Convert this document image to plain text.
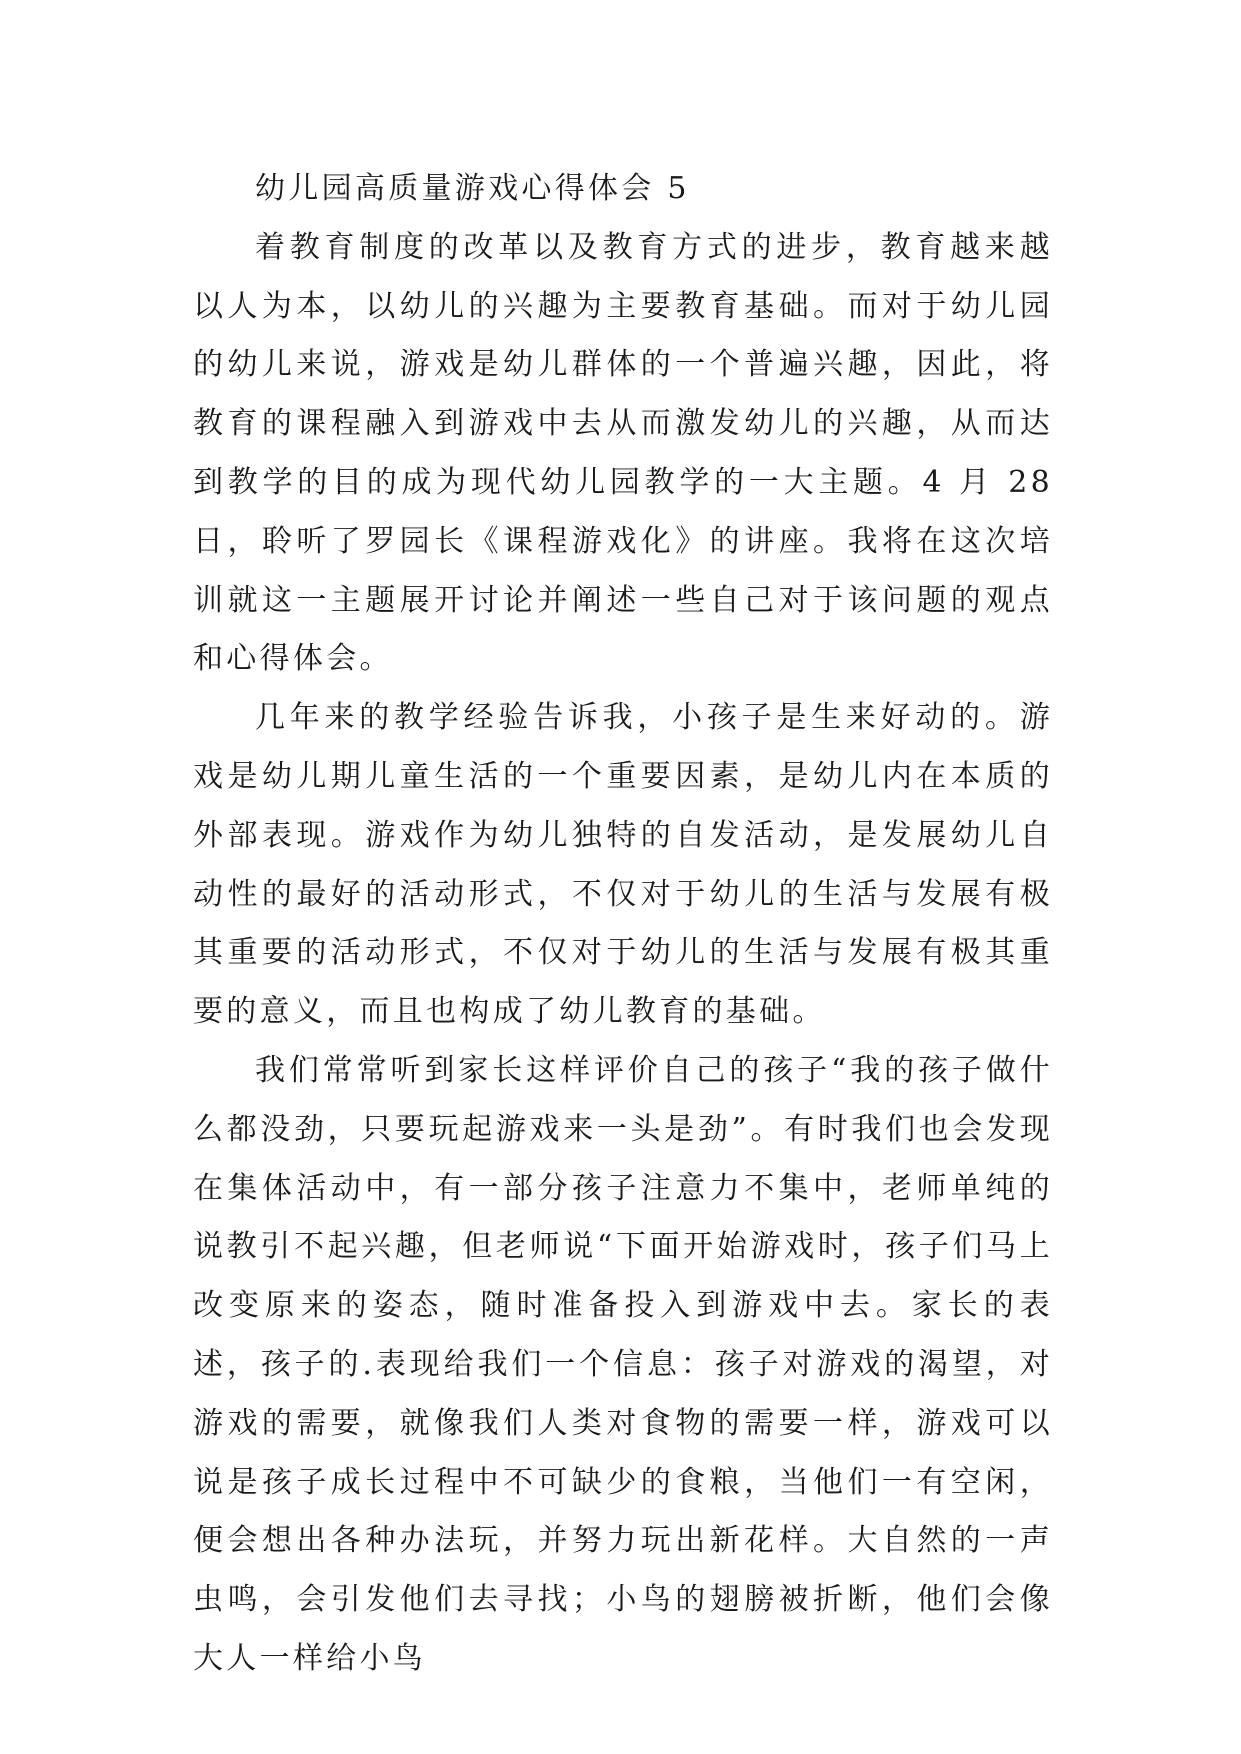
幼儿园高质量游戏心得体会 5

着教育制度的改革以及教育方式的进步，教育越来越以人为本，以幼儿的兴趣为主要教育基础。而对于幼儿园的幼儿来说，游戏是幼儿群体的一个普遍兴趣，因此，将教育的课程融入到游戏中去从而激发幼儿的兴趣，从而达到教学的目的成为现代幼儿园教学的一大主题。4 月 28 日，聆听了罗园长《课程游戏化》的讲座。我将在这次培训就这一主题展开讨论并阐述一些自己对于该问题的观点和心得体会。

几年来的教学经验告诉我，小孩子是生来好动的。游戏是幼儿期儿童生活的一个重要因素，是幼儿内在本质的外部表现。游戏作为幼儿独特的自发活动，是发展幼儿自动性的最好的活动形式，不仅对于幼儿的生活与发展有极其重要的活动形式，不仅对于幼儿的生活与发展有极其重要的意义，而且也构成了幼儿教育的基础。

我们常常听到家长这样评价自己的孩子“我的孩子做什么都没劲，只要玩起游戏来一头是劲”。有时我们也会发现在集体活动中，有一部分孩子注意力不集中，老师单纯的说教引不起兴趣，但老师说“下面开始游戏时，孩子们马上改变原来的姿态，随时准备投入到游戏中去。家长的表述，孩子的.表现给我们一个信息：孩子对游戏的渴望，对游戏的需要，就像我们人类对食物的需要一样，游戏可以说是孩子成长过程中不可缺少的食粮，当他们一有空闲，便会想出各种办法玩，并努力玩出新花样。大自然的一声虫鸣，会引发他们去寻找；小鸟的翅膀被折断，他们会像大人一样给小鸟
